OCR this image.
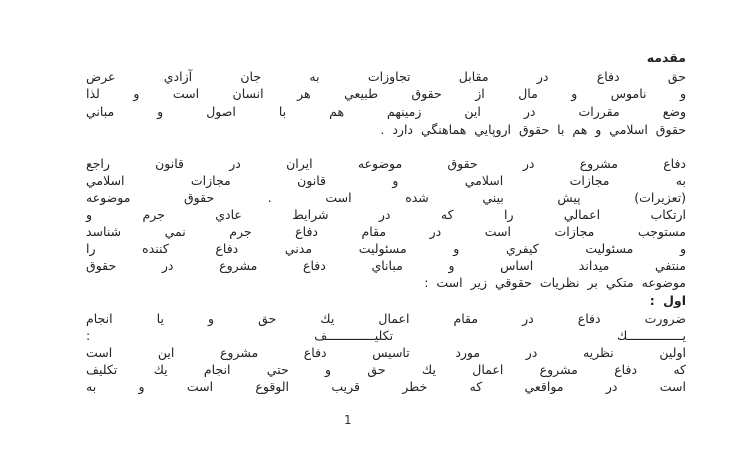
مقدمه
حق دفاع در مقابل تجاوزات به جان آزادي عرض
و ناموس و مال از حقوق طبيعي هر انسان است و لذا
وضع مقررات در اين زمينهم هم با اصول و مباني
حقوق اسلامي و هم با حقوق اروپايي هماهنگي دارد .
دفاع مشروع در حقوق موضوعه ايران در قانون راجع
به مجازات اسلامي و قانون مجازات اسلامي
(تعزيرات) پيش بيني شده است . حقوق موضوعه
ارتكاب اعمالي را كه در شرايط عادي جرم و
مستوجب مجازات است در مقام دفاع جرم نمي شناسد
و مسئوليت كيفري و مسئوليت مدني دفاع كننده را
منتفي ميداند اساس و مباناي دفاع مشروع در حقوق
موضوعه متكي بر نظريات حقوقي زير است :
اول :
ضرورت دفاع در مقام اعمال يك حق و يا انجام
يـــــــــــــــك تكليـــــــــــــف :
اولين نظريه در مورد تاسيس دفاع مشروع اين است
كه دفاع مشروع اعمال يك حق و حتي انجام يك تكليف
است در مواقعي كه خطر قريب الوقوع است و به
1
